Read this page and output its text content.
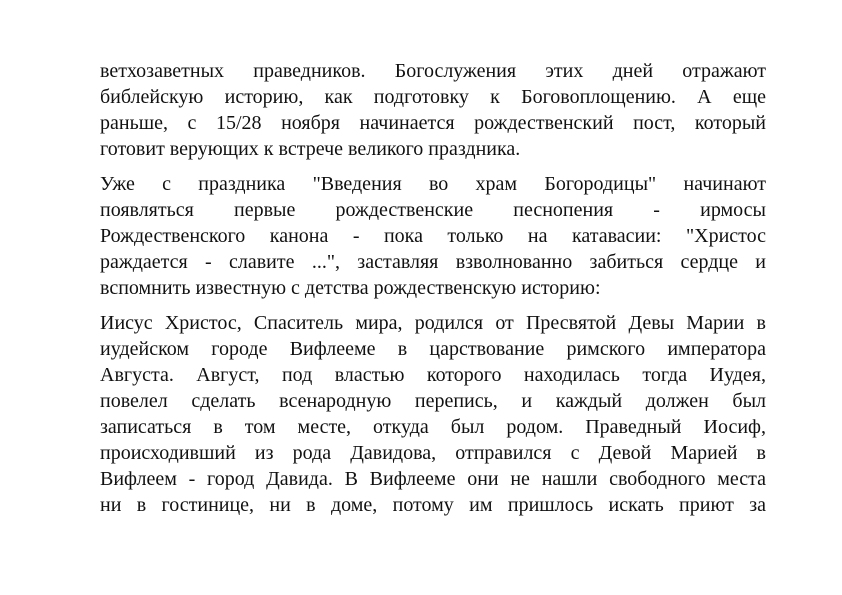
ветхозаветных праведников. Богослужения этих дней отражают
библейскую историю, как подготовку к Боговоплощению. А еще
раньше, с 15/28 ноября начинается рождественский пост, который
готовит верующих к встрече великого праздника.

Уже с праздника "Введения во храм Богородицы" начинают
появляться первые рождественские песнопения - ирмосы
Рождественского канона - пока только на катавасии: "Христос
раждается - славите ...", заставляя взволнованно забиться сердце и
вспомнить известную с детства рождественскую историю:

Иисус Христос, Спаситель мира, родился от Пресвятой Девы Марии в
иудейском городе Вифлееме в царствование римского императора
Августа. Август, под властью которого находилась тогда Иудея,
повелел сделать всенародную перепись, и каждый должен был
записаться в том месте, откуда был родом. Праведный Иосиф,
происходивший из рода Давидова, отправился с Девой Марией в
Вифлеем - город Давида. В Вифлееме они не нашли свободного места
ни в гостинице, ни в доме, потому им пришлось искать приют за
